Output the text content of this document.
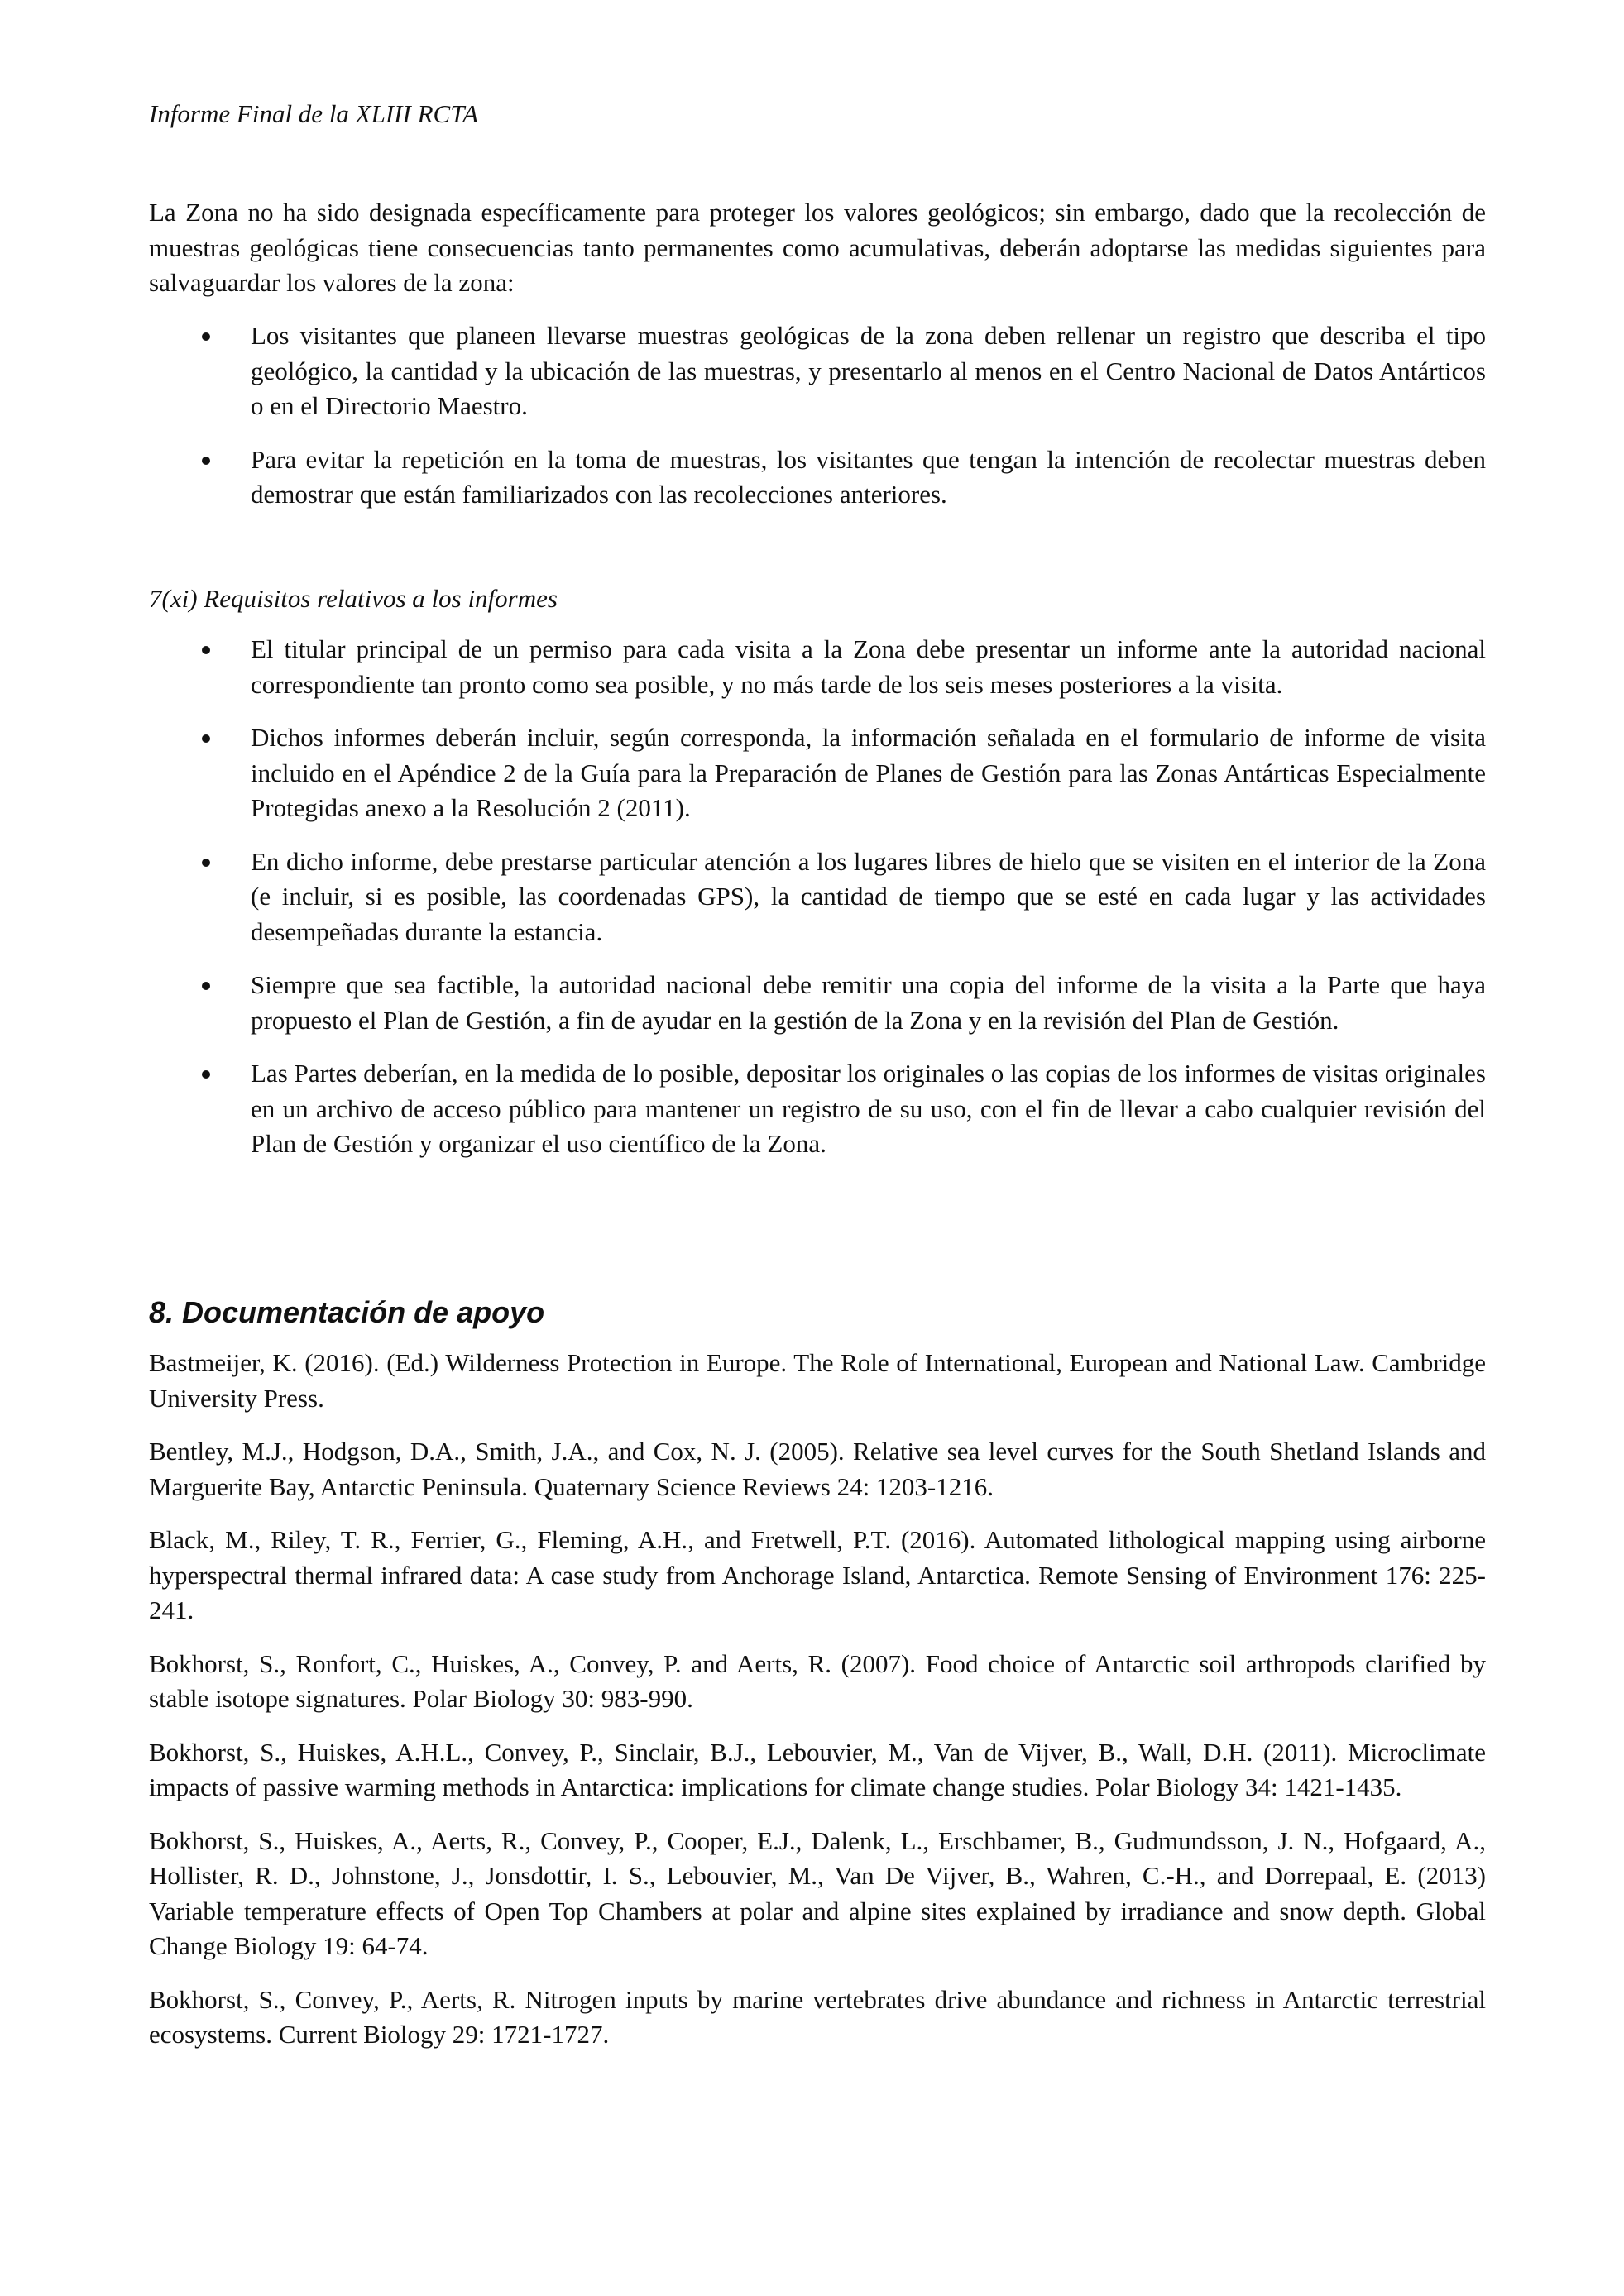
Informe Final de la XLIII RCTA

La Zona no ha sido designada específicamente para proteger los valores geológicos; sin embargo, dado que la recolección de muestras geológicas tiene consecuencias tanto permanentes como acumulativas, deberán adoptarse las medidas siguientes para salvaguardar los valores de la zona:

Los visitantes que planeen llevarse muestras geológicas de la zona deben rellenar un registro que describa el tipo geológico, la cantidad y la ubicación de las muestras, y presentarlo al menos en el Centro Nacional de Datos Antárticos o en el Directorio Maestro.
Para evitar la repetición en la toma de muestras, los visitantes que tengan la intención de recolectar muestras deben demostrar que están familiarizados con las recolecciones anteriores.
7(xi) Requisitos relativos a los informes
El titular principal de un permiso para cada visita a la Zona debe presentar un informe ante la autoridad nacional correspondiente tan pronto como sea posible, y no más tarde de los seis meses posteriores a la visita.
Dichos informes deberán incluir, según corresponda, la información señalada en el formulario de informe de visita incluido en el Apéndice 2 de la Guía para la Preparación de Planes de Gestión para las Zonas Antárticas Especialmente Protegidas anexo a la Resolución 2 (2011).
En dicho informe, debe prestarse particular atención a los lugares libres de hielo que se visiten en el interior de la Zona (e incluir, si es posible, las coordenadas GPS), la cantidad de tiempo que se esté en cada lugar y las actividades desempeñadas durante la estancia.
Siempre que sea factible, la autoridad nacional debe remitir una copia del informe de la visita a la Parte que haya propuesto el Plan de Gestión, a fin de ayudar en la gestión de la Zona y en la revisión del Plan de Gestión.
Las Partes deberían, en la medida de lo posible, depositar los originales o las copias de los informes de visitas originales en un archivo de acceso público para mantener un registro de su uso, con el fin de llevar a cabo cualquier revisión del Plan de Gestión y organizar el uso científico de la Zona.
8. Documentación de apoyo

Bastmeijer, K. (2016). (Ed.) Wilderness Protection in Europe. The Role of International, European and National Law. Cambridge University Press.

Bentley, M.J., Hodgson, D.A., Smith, J.A., and Cox, N. J. (2005). Relative sea level curves for the South Shetland Islands and Marguerite Bay, Antarctic Peninsula. Quaternary Science Reviews 24: 1203-1216.

Black, M., Riley, T. R., Ferrier, G., Fleming, A.H., and Fretwell, P.T. (2016). Automated lithological mapping using airborne hyperspectral thermal infrared data: A case study from Anchorage Island, Antarctica. Remote Sensing of Environment 176: 225-241.

Bokhorst, S., Ronfort, C., Huiskes, A., Convey, P. and Aerts, R. (2007). Food choice of Antarctic soil arthropods clarified by stable isotope signatures. Polar Biology 30: 983-990.

Bokhorst, S., Huiskes, A.H.L., Convey, P., Sinclair, B.J., Lebouvier, M., Van de Vijver, B., Wall, D.H. (2011). Microclimate impacts of passive warming methods in Antarctica: implications for climate change studies. Polar Biology 34: 1421-1435.

Bokhorst, S., Huiskes, A., Aerts, R., Convey, P., Cooper, E.J., Dalenk, L., Erschbamer, B., Gudmundsson, J. N., Hofgaard, A., Hollister, R. D., Johnstone, J., Jonsdottir, I. S., Lebouvier, M., Van De Vijver, B., Wahren, C.-H., and Dorrepaal, E. (2013) Variable temperature effects of Open Top Chambers at polar and alpine sites explained by irradiance and snow depth. Global Change Biology 19: 64-74.

Bokhorst, S., Convey, P., Aerts, R. Nitrogen inputs by marine vertebrates drive abundance and richness in Antarctic terrestrial ecosystems. Current Biology 29: 1721-1727.
